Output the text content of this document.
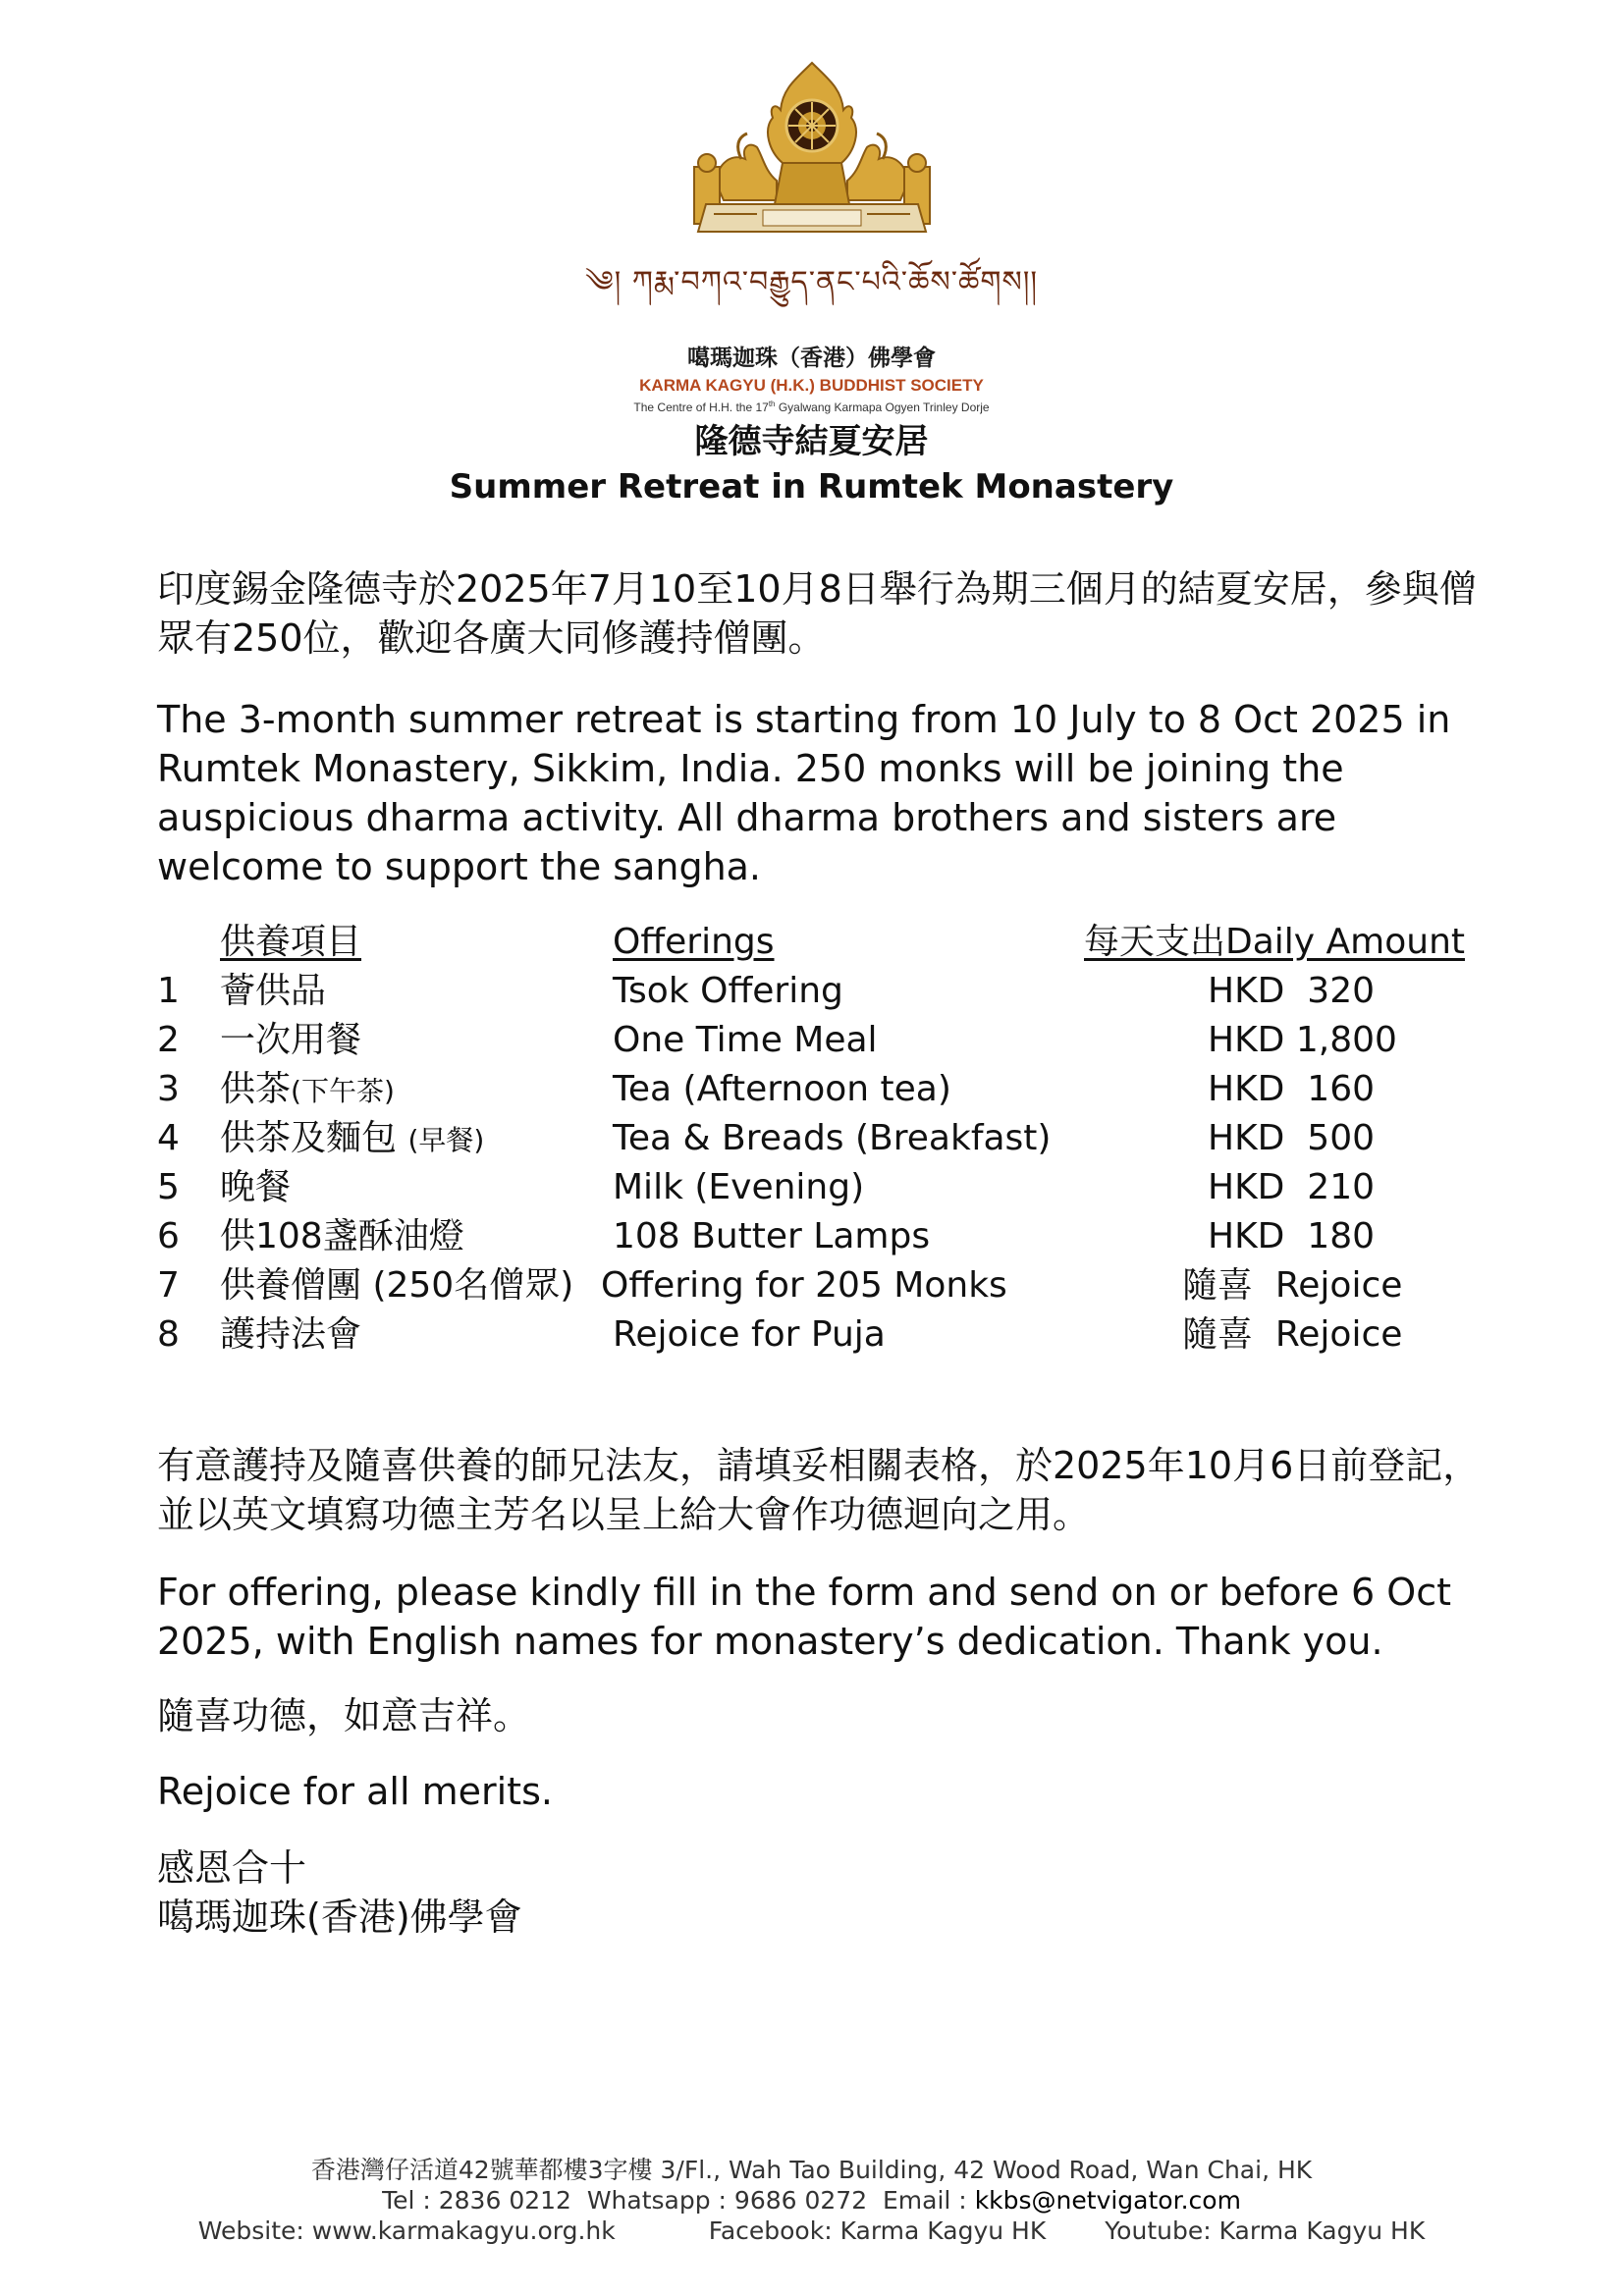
༄། ཀརྨ་བཀའ་བརྒྱུད་ནང་པའི་ཆོས་ཚོགས།།
噶瑪迦珠（香港）佛學會
KARMA KAGYU (H.K.) BUDDHIST SOCIETY
The Centre of H.H. the 17th Gyalwang Karmapa Ogyen Trinley Dorje
隆德寺結夏安居
Summer Retreat in Rumtek Monastery
印度錫金隆德寺於2025年7月10至10月8日舉行為期三個月的結夏安居，參與僧眾有250位，歡迎各廣大同修護持僧團。
The 3-month summer retreat is starting from 10 July to 8 Oct 2025 in Rumtek Monastery, Sikkim, India. 250 monks will be joining the auspicious dharma activity. All dharma brothers and sisters are welcome to support the sangha.
供養項目	Offerings	每天支出Daily Amount
1 薈供品	Tsok Offering	HKD  320
2 一次用餐	One Time Meal	HKD 1,800
3 供茶(下午茶)	Tea (Afternoon tea)	HKD  160
4 供茶及麵包 (早餐)	Tea & Breads (Breakfast)	HKD  500
5 晚餐	Milk (Evening)	HKD  210
6 供108盞酥油燈	108 Butter Lamps	HKD  180
7 供養僧團 (250名僧眾) Offering for 205 Monks	隨喜  Rejoice
8 護持法會	Rejoice for Puja	隨喜  Rejoice
有意護持及隨喜供養的師兄法友，請填妥相關表格，於2025年10月6日前登記，並以英文填寫功德主芳名以呈上給大會作功德迴向之用。
For offering, please kindly fill in the form and send on or before 6 Oct 2025, with English names for monastery’s dedication. Thank you.
隨喜功德，如意吉祥。
Rejoice for all merits.
感恩合十
噶瑪迦珠(香港)佛學會
香港灣仔活道42號華都樓3字樓 3/Fl., Wah Tao Building, 42 Wood Road, Wan Chai, HK
Tel : 2836 0212  Whatsapp : 9686 0272  Email : kkbs@netvigator.com
Website: www.karmakagyu.org.hk	Facebook: Karma Kagyu HK Youtube: Karma Kagyu HK
